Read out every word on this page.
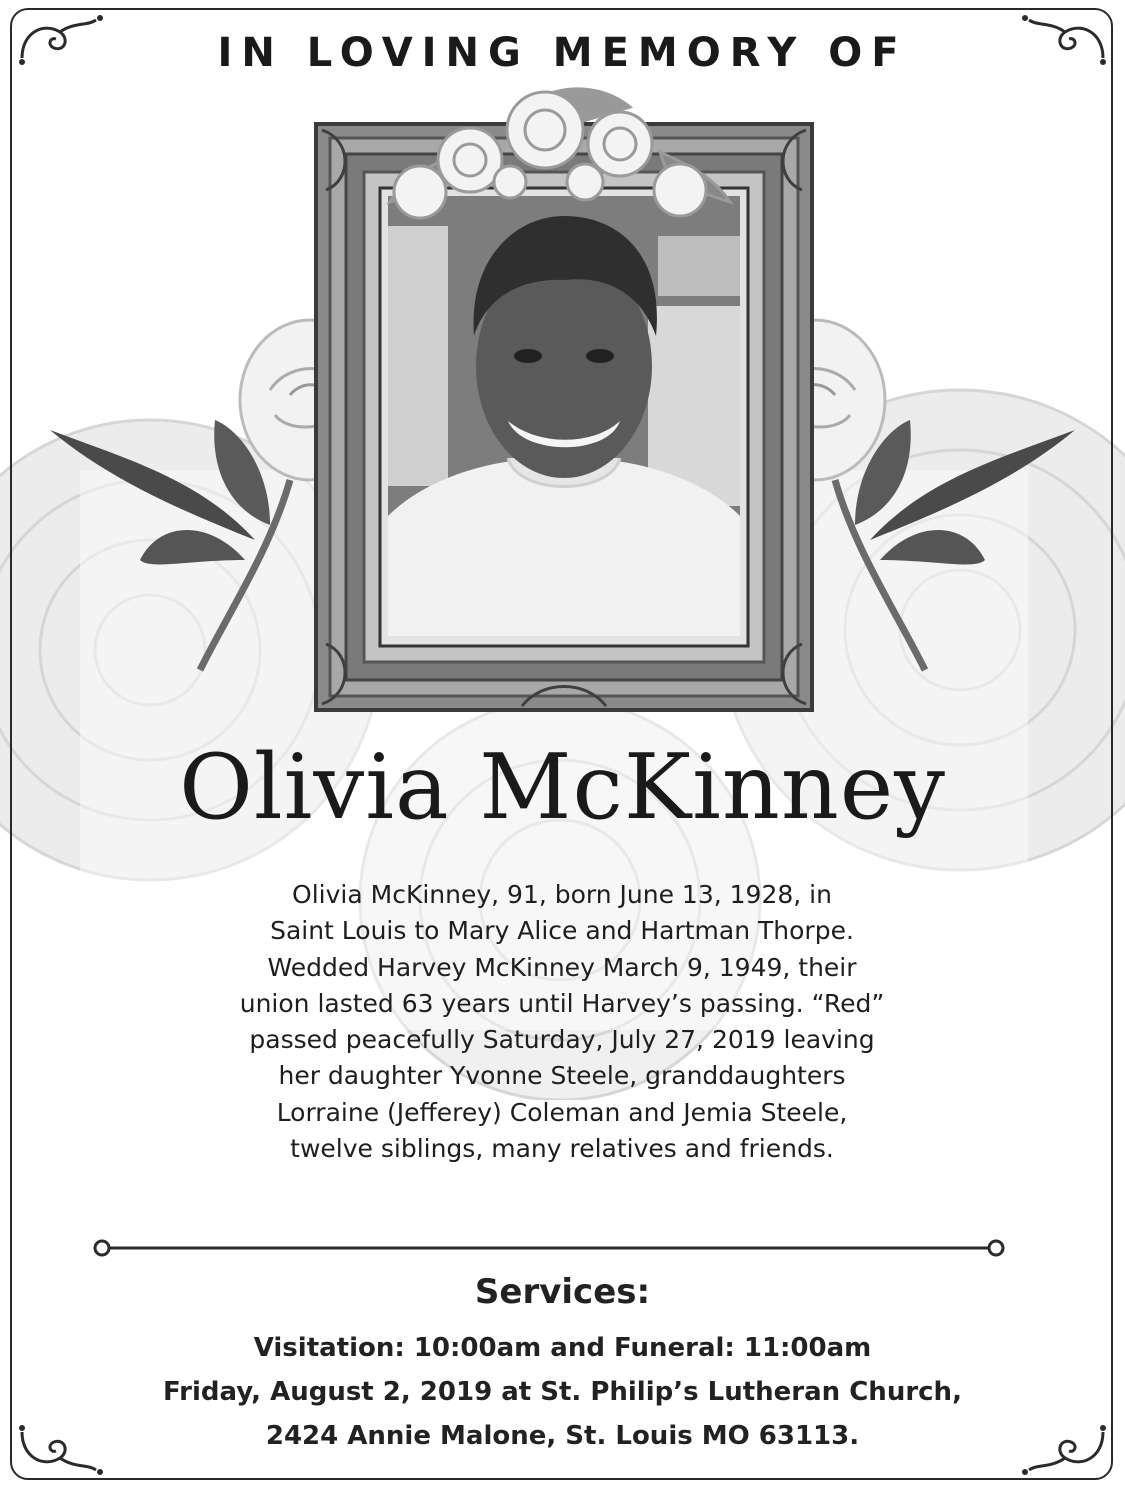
IN LOVING MEMORY OF
Olivia McKinney

Olivia McKinney, 91, born June 13, 1928, in
Saint Louis to Mary Alice and Hartman Thorpe.
Wedded Harvey McKinney March 9, 1949, their
union lasted 63 years until Harvey’s passing. “Red”
passed peacefully Saturday, July 27, 2019 leaving
her daughter Yvonne Steele, granddaughters
Lorraine (Jefferey) Coleman and Jemia Steele,
twelve siblings, many relatives and friends.

Services:

Visitation: 10:00am and Funeral: 11:00am
Friday, August 2, 2019 at St. Philip’s Lutheran Church,
2424 Annie Malone, St. Louis MO 63113.
